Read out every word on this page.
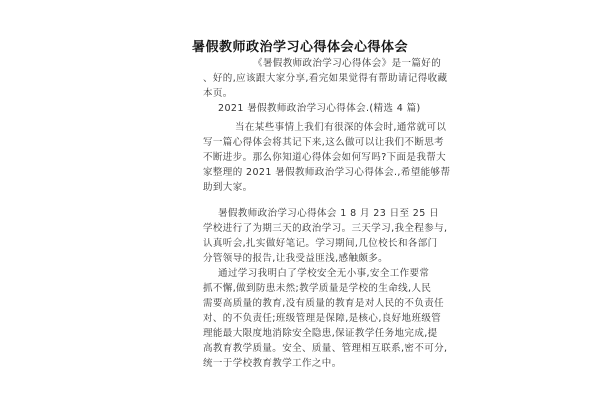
暑假教师政治学习心得体会心得体会
《暑假教师政治学习心得体会》是一篇好的
、好的,应该跟大家分享,看完如果觉得有帮助请记得收藏
本页。
2021 暑假教师政治学习心得体会.(精选 4 篇)
当在某些事情上我们有很深的体会时,通常就可以
写一篇心得体会将其记下来,这么做可以让我们不断思考
不断进步。那么你知道心得体会如何写吗?下面是我帮大
家整理的 2021 暑假教师政治学习心得体会.,希望能够帮
助到大家。
暑假教师政治学习心得体会 1 8 月 23 日至 25 日
学校进行了为期三天的政治学习。三天学习,我全程参与,
认真听会,扎实做好笔记。学习期间,几位校长和各部门
分管领导的报告,让我受益匪浅,感触颇多。
通过学习我明白了学校安全无小事,安全工作要常
抓不懈,做到防患未然;教学质量是学校的生命线,人民
需要高质量的教育,没有质量的教育是对人民的不负责任
对、的不负责任;班级管理是保障,是核心,良好地班级管
理能最大限度地消除安全隐患,保证教学任务地完成,提
高教育教学质量。安全、质量、管理相互联系,密不可分,
统一于学校教育教学工作之中。
